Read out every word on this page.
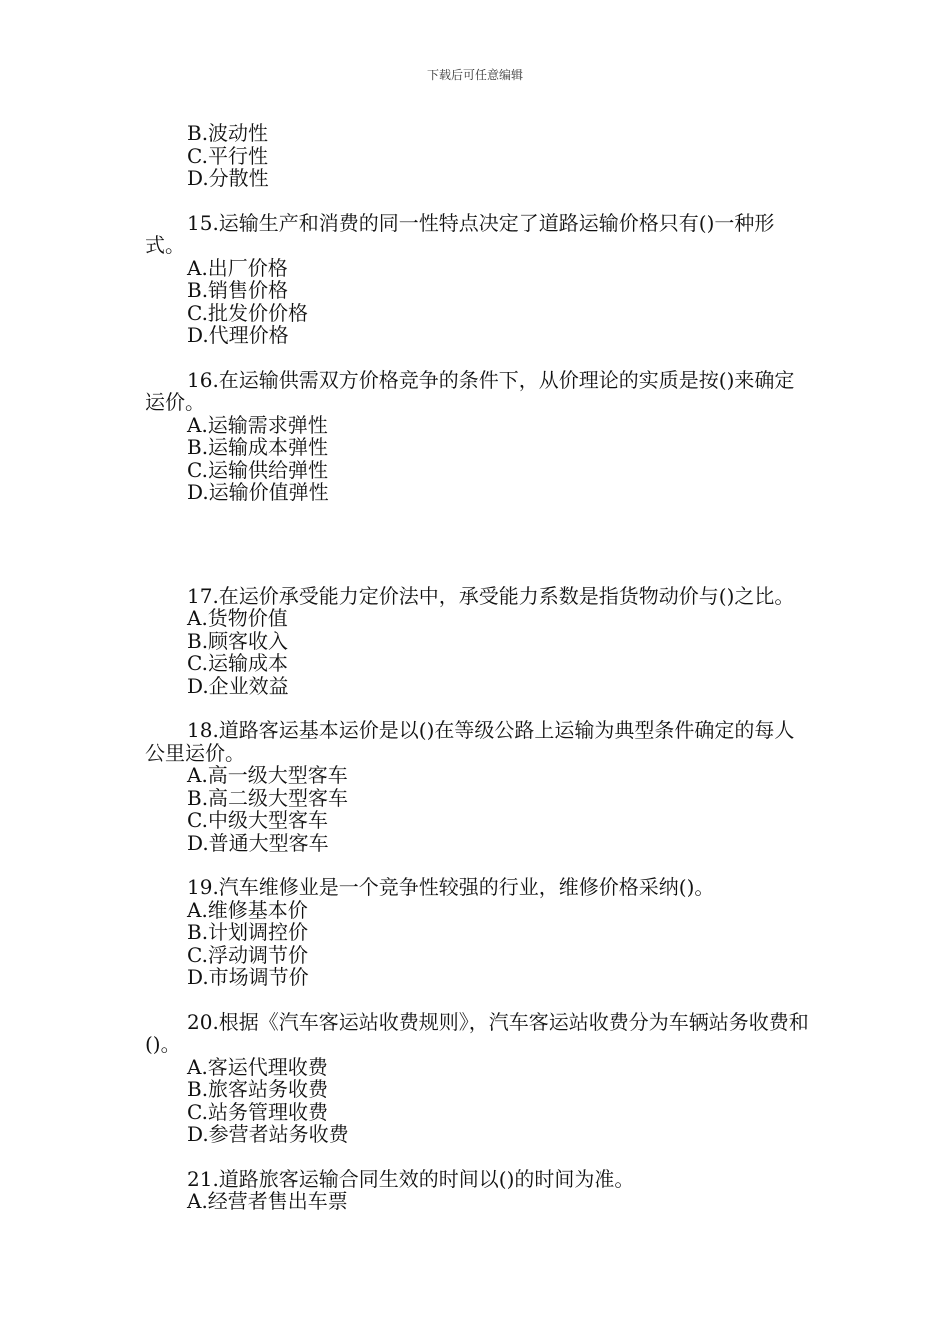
下载后可任意编辑
B.波动性
C.平行性
D.分散性
15.运输生产和消费的同一性特点决定了道路运输价格只有()一种形式。
A.出厂价格
B.销售价格
C.批发价价格
D.代理价格
16.在运输供需双方价格竞争的条件下，从价理论的实质是按()来确定运价。
A.运输需求弹性
B.运输成本弹性
C.运输供给弹性
D.运输价值弹性
17.在运价承受能力定价法中，承受能力系数是指货物动价与()之比。
A.货物价值
B.顾客收入
C.运输成本
D.企业效益
18.道路客运基本运价是以()在等级公路上运输为典型条件确定的每人公里运价。
A.高一级大型客车
B.高二级大型客车
C.中级大型客车
D.普通大型客车
19.汽车维修业是一个竞争性较强的行业，维修价格采纳()。
A.维修基本价
B.计划调控价
C.浮动调节价
D.市场调节价
20.根据《汽车客运站收费规则》，汽车客运站收费分为车辆站务收费和()。
A.客运代理收费
B.旅客站务收费
C.站务管理收费
D.参营者站务收费
21.道路旅客运输合同生效的时间以()的时间为准。
A.经营者售出车票
